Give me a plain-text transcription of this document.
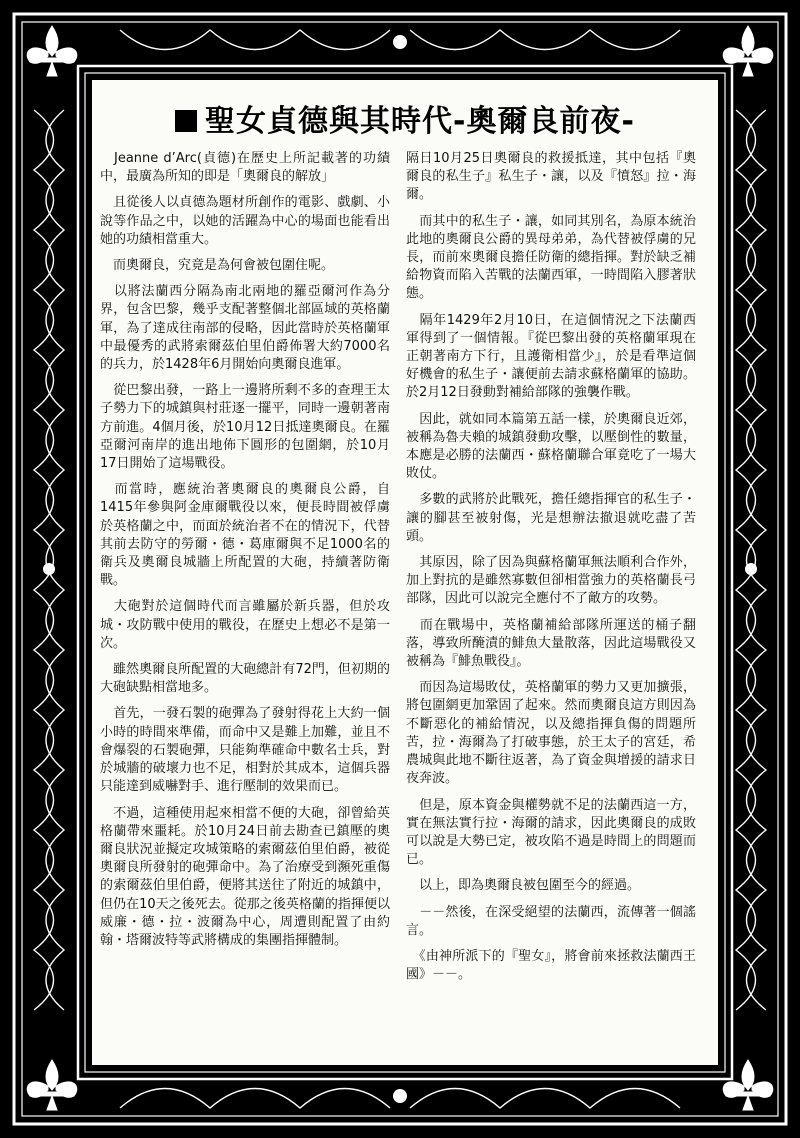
聖女貞德與其時代-奧爾良前夜-

　Jeanne d’Arc(貞德)在歷史上所記載著的功績中，最廣為所知的即是「奧爾良的解放」

　且從後人以貞德為題材所創作的電影、戲劇、小說等作品之中，以她的活躍為中心的場面也能看出她的功績相當重大。

　而奧爾良，究竟是為何會被包圍住呢。

　以將法蘭西分隔為南北兩地的羅亞爾河作為分界，包含巴黎，幾乎支配著整個北部區域的英格蘭軍，為了達成往南部的侵略，因此當時於英格蘭軍中最優秀的武將索爾茲伯里伯爵佈署大約7000名的兵力，於1428年6月開始向奧爾良進軍。

　從巴黎出發，一路上一邊將所剩不多的查理王太子勢力下的城鎮與村莊逐一擺平，同時一邊朝著南方前進。4個月後，於10月12日抵達奧爾良。在羅亞爾河南岸的進出地佈下圓形的包圍網，於10月17日開始了這場戰役。

　而當時，應統治著奧爾良的奧爾良公爵，自1415年參與阿金庫爾戰役以來，便長時間被俘虜於英格蘭之中，而面於統治者不在的情況下，代替其前去防守的勞爾・德・葛庫爾與不足1000名的衛兵及奧爾良城牆上所配置的大砲，持續著防衛戰。

　大砲對於這個時代而言雖屬於新兵器，但於攻城・攻防戰中使用的戰役，在歷史上想必不是第一次。

　雖然奧爾良所配置的大砲總計有72門，但初期的大砲缺點相當地多。

　首先，一發石製的砲彈為了發射得花上大約一個小時的時間來準備，而命中又是難上加難，並且不會爆裂的石製砲彈，只能夠準確命中數名士兵，對於城牆的破壞力也不足，相對於其成本，這個兵器只能達到威嚇對手、進行壓制的效果而已。

　不過，這種使用起來相當不便的大砲，卻曾給英格蘭帶來噩耗。於10月24日前去勘查已鎮壓的奧爾良狀況並擬定攻城策略的索爾茲伯里伯爵，被從奧爾良所發射的砲彈命中。為了治療受到瀕死重傷的索爾茲伯里伯爵，便將其送往了附近的城鎮中，但仍在10天之後死去。從那之後英格蘭的指揮便以威廉・德・拉・波爾為中心，周遭則配置了由約翰・塔爾波特等武將構成的集團指揮體制。

隔日10月25日奧爾良的救援抵達，其中包括『奧爾良的私生子』私生子・讓，以及『憤怒』拉・海爾。

　而其中的私生子・讓，如同其別名，為原本統治此地的奧爾良公爵的異母弟弟，為代替被俘虜的兄長，而前來奧爾良擔任防衛的總指揮。對於缺乏補給物資而陷入苦戰的法蘭西軍，一時間陷入膠著狀態。

　隔年1429年2月10日，在這個情況之下法蘭西軍得到了一個情報。『從巴黎出發的英格蘭軍現在正朝著南方下行，且護衛相當少』，於是看準這個好機會的私生子・讓便前去請求蘇格蘭軍的協助。於2月12日發動對補給部隊的強襲作戰。

　因此，就如同本篇第五話一樣，於奧爾良近郊，被稱為魯夫賴的城鎮發動攻擊，以壓倒性的數量，本應是必勝的法蘭西・蘇格蘭聯合軍竟吃了一場大敗仗。

　多數的武將於此戰死，擔任總指揮官的私生子・讓的腳甚至被射傷，光是想辦法撤退就吃盡了苦頭。

　其原因，除了因為與蘇格蘭軍無法順利合作外，加上對抗的是雖然寡數但卻相當強力的英格蘭長弓部隊，因此可以說完全應付不了敵方的攻勢。

　而在戰場中，英格蘭補給部隊所運送的桶子翻落，導致所醃漬的鯡魚大量散落，因此這場戰役又被稱為『鯡魚戰役』。

　而因為這場敗仗，英格蘭軍的勢力又更加擴張，將包圍網更加鞏固了起來。然而奧爾良這方則因為不斷惡化的補給情況，以及總指揮負傷的問題所苦，拉・海爾為了打破事態，於王太子的宮廷，希農城與此地不斷往返著，為了資金與增援的請求日夜奔波。

　但是，原本資金與權勢就不足的法蘭西這一方，實在無法實行拉・海爾的請求，因此奧爾良的成敗可以說是大勢已定，被攻陷不過是時間上的問題而已。

　以上，即為奧爾良被包圍至今的經過。

　－－然後，在深受絕望的法蘭西，流傳著一個謠言。

　《由神所派下的『聖女』，將會前來拯救法蘭西王國》－－。
